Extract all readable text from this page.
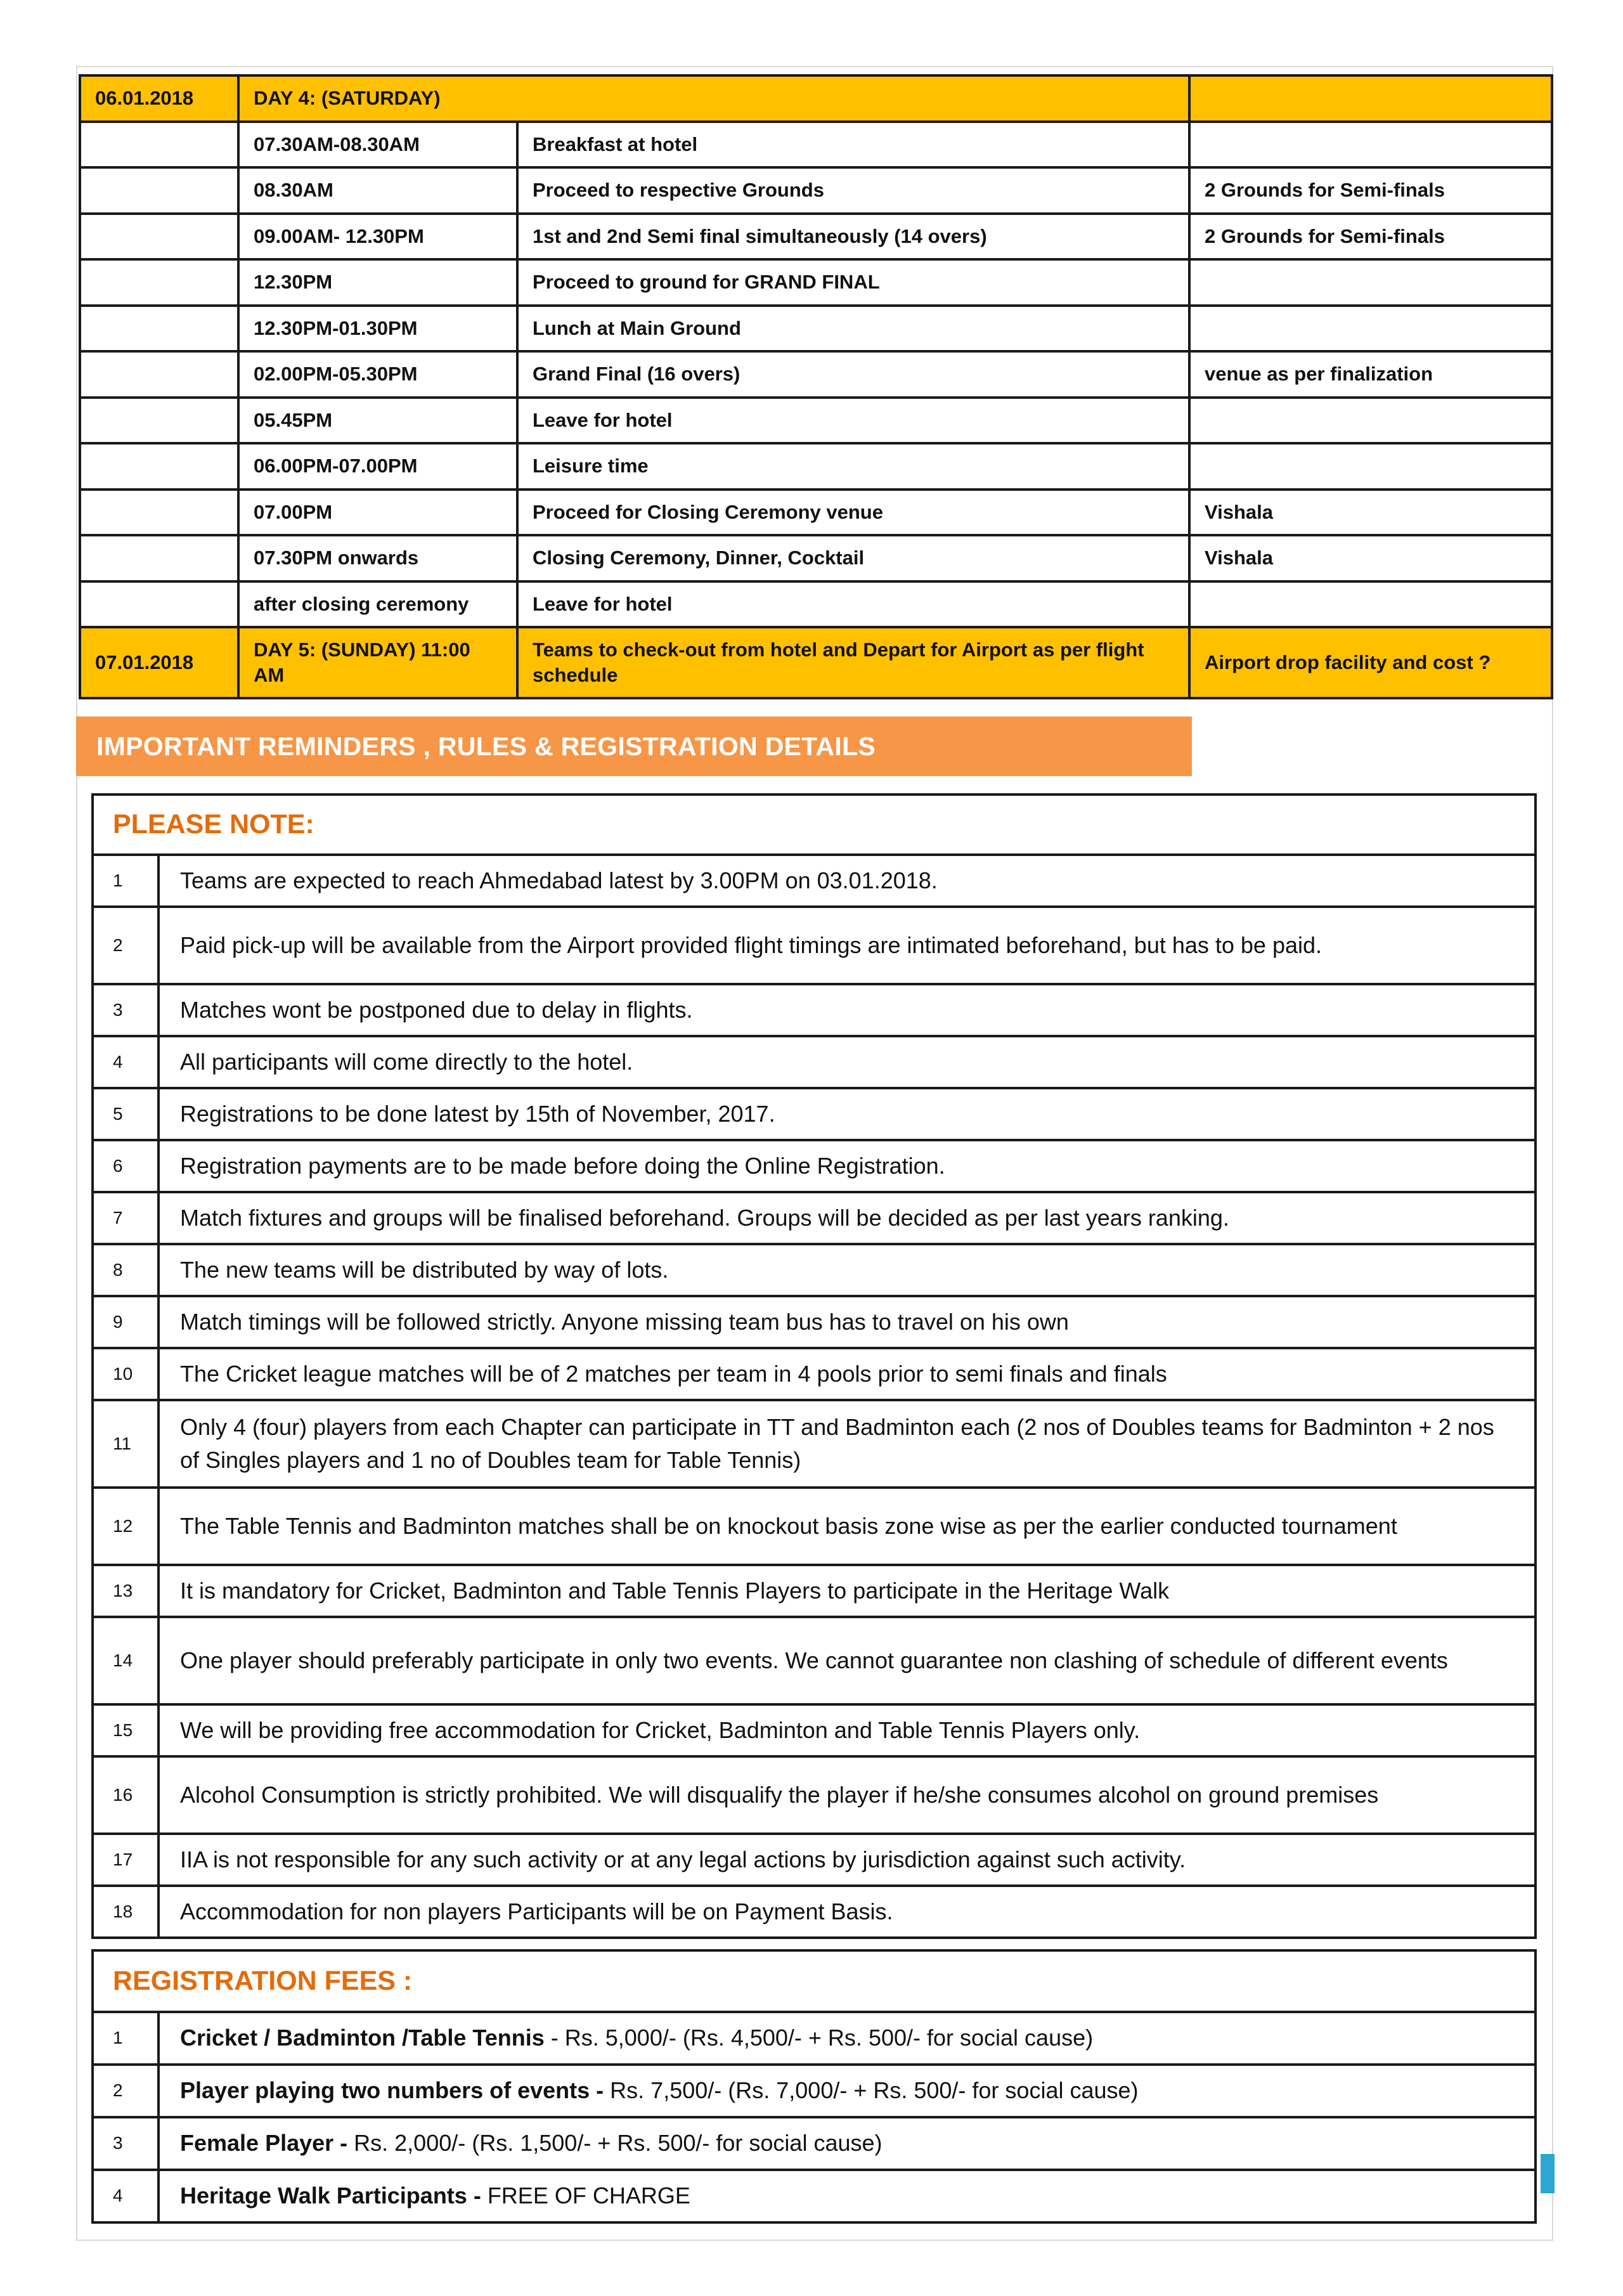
06.01.2018	DAY 4: (SATURDAY)		
	07.30AM-08.30AM	Breakfast at hotel	
	08.30AM	Proceed to respective Grounds	2 Grounds for Semi-finals
	09.00AM- 12.30PM	1st and 2nd Semi final simultaneously (14 overs)	2 Grounds for Semi-finals
	12.30PM	Proceed to ground for GRAND FINAL	
	12.30PM-01.30PM	Lunch at Main Ground	
	02.00PM-05.30PM	Grand Final (16 overs)	venue as per finalization
	05.45PM	Leave for hotel	
	06.00PM-07.00PM	Leisure time	
	07.00PM	Proceed for Closing Ceremony venue	Vishala
	07.30PM onwards	Closing Ceremony, Dinner, Cocktail	Vishala
	after closing ceremony	Leave for hotel	
07.01.2018	DAY 5: (SUNDAY) 11:00 AM	Teams to check-out from hotel and Depart for Airport as per flight schedule	Airport drop facility and cost ?
IMPORTANT REMINDERS , RULES & REGISTRATION DETAILS
PLEASE NOTE:	
1	Teams are expected to reach Ahmedabad latest by 3.00PM on 03.01.2018.
2	Paid pick-up will be available from the Airport provided flight timings are intimated beforehand, but has to be paid.
3	Matches wont be postponed due to delay in flights.
4	All participants will come directly to the hotel.
5	Registrations to be done latest by 15th of November, 2017.
6	Registration payments are to be made before doing the Online Registration.
7	Match fixtures and groups will be finalised beforehand. Groups will be decided as per last years ranking.
8	The new teams will be distributed by way of lots.
9	Match timings will be followed strictly. Anyone missing team bus has to travel on his own
10	The Cricket league matches will be of 2 matches per team in 4 pools prior to semi finals and finals
11	Only 4 (four) players from each Chapter can participate in TT and Badminton each (2 nos of Doubles teams for Badminton + 2 nos of Singles players and 1 no of Doubles team for Table Tennis)
12	The Table Tennis and Badminton matches shall be on knockout basis zone wise as per the earlier conducted tournament
13	It is mandatory for Cricket, Badminton and Table Tennis Players to participate in the Heritage Walk
14	One player should preferably participate in only two events. We cannot guarantee non clashing of schedule of different events
15	We will be providing free accommodation for Cricket, Badminton and Table Tennis Players only.
16	Alcohol Consumption is strictly prohibited. We will disqualify the player if he/she consumes alcohol on ground premises
17	IIA is not responsible for any such activity or at any legal actions by jurisdiction against such activity.
18	Accommodation for non players Participants will be on Payment Basis.
REGISTRATION FEES :	
1	Cricket / Badminton /Table Tennis - Rs. 5,000/- (Rs. 4,500/- + Rs. 500/- for social cause)
2	Player playing two numbers of events - Rs. 7,500/- (Rs. 7,000/- + Rs. 500/- for social cause)
3	Female Player - Rs. 2,000/- (Rs. 1,500/- + Rs. 500/- for social cause)
4	Heritage Walk Participants - FREE OF CHARGE
